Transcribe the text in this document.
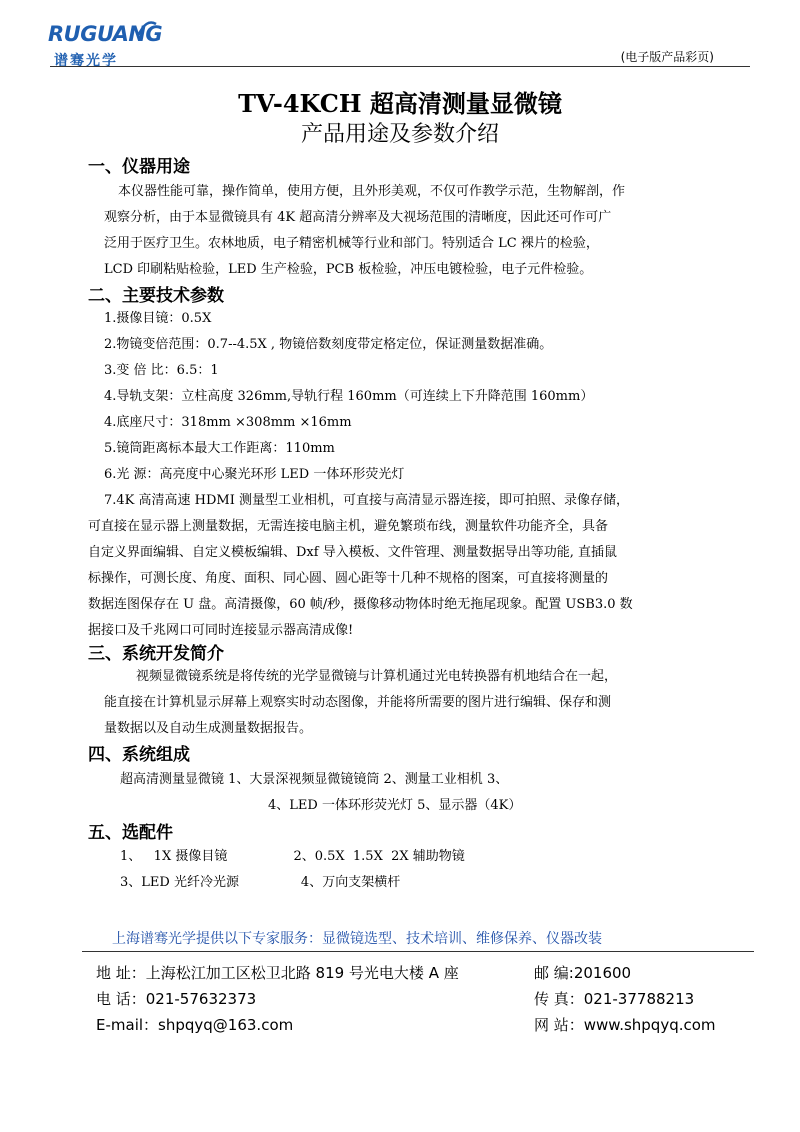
RUGUANG
谱骞光学	(电子版产品彩页)
TV-4KCH 超高清测量显微镜
产品用途及参数介绍
一、仪器用途
本仪器性能可靠，操作简单，使用方便，且外形美观，不仅可作教学示范，生物解剖，作
观察分析，由于本显微镜具有 4K 超高清分辨率及大视场范围的清晰度，因此还可作可广
泛用于医疗卫生。农林地质，电子精密机械等行业和部门。特别适合 LC 裸片的检验，
LCD 印刷粘贴检验，LED 生产检验，PCB 板检验，冲压电镀检验，电子元件检验。
二、主要技术参数
1.摄像目镜：0.5X
2.物镜变倍范围：0.7--4.5X , 物镜倍数刻度带定格定位，保证测量数据准确。
3.变 倍 比：6.5：1
4.导轨支架：立柱高度 326mm,导轨行程 160mm（可连续上下升降范围 160mm）
4.底座尺寸：318mm ×308mm ×16mm
5.镜筒距离标本最大工作距离：110mm
6.光 源：高亮度中心聚光环形 LED 一体环形荧光灯
7.4K 高清高速 HDMI 测量型工业相机，可直接与高清显示器连接，即可拍照、录像存储，
可直接在显示器上测量数据，无需连接电脑主机，避免繁琐布线，测量软件功能齐全，具备
自定义界面编辑、自定义模板编辑、Dxf 导入模板、文件管理、测量数据导出等功能, 直插鼠
标操作，可测长度、角度、面积、同心圆、圆心距等十几种不规格的图案，可直接将测量的
数据连图保存在 U 盘。高清摄像，60 帧/秒，摄像移动物体时绝无拖尾现象。配置 USB3.0 数
据接口及千兆网口可同时连接显示器高清成像!
三、系统开发简介
视频显微镜系统是将传统的光学显微镜与计算机通过光电转换器有机地结合在一起，
能直接在计算机显示屏幕上观察实时动态图像，并能将所需要的图片进行编辑、保存和测
量数据以及自动生成测量数据报告。
四、系统组成
超高清测量显微镜 1、大景深视频显微镜镜筒 2、测量工业相机 3、
4、LED 一体环形荧光灯 5、显示器（4K）
五、选配件
1、   1X 摄像目镜                2、0.5X  1.5X  2X 辅助物镜
3、LED 光纤冷光源               4、万向支架横杆
上海谱骞光学提供以下专家服务：显微镜选型、技术培训、维修保养、仪器改装
地 址：上海松江加工区松卫北路 819 号光电大楼 A 座	邮 编:201600
电 话：021-57632373	传 真：021-37788213
E-mail：shpqyq@163.com	网 站：www.shpqyq.com
